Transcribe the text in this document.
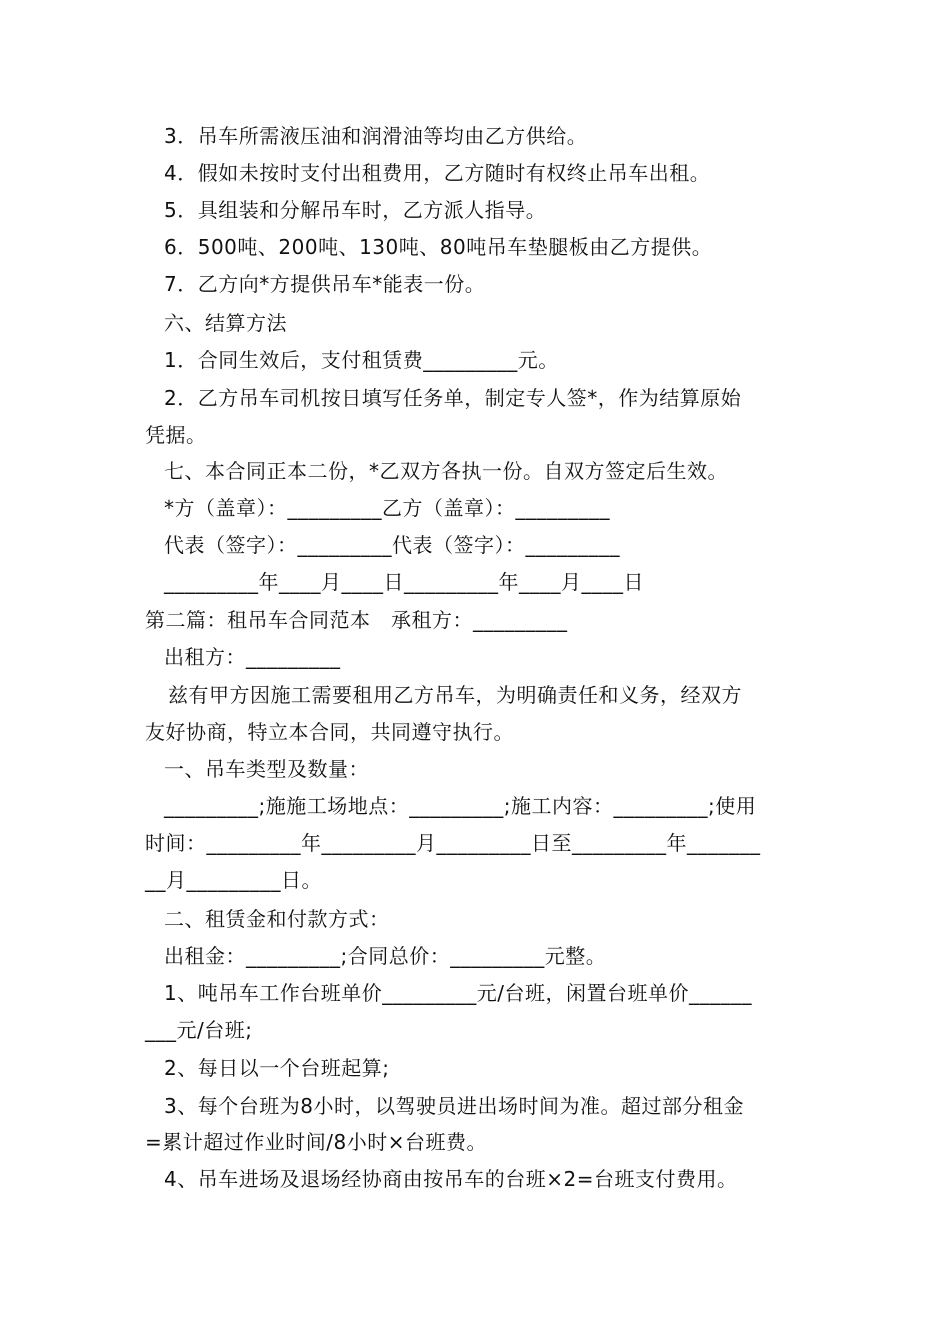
3．吊车所需液压油和润滑油等均由乙方供给。
4．假如未按时支付出租费用，乙方随时有权终止吊车出租。
5．具组装和分解吊车时，乙方派人指导。
6．500吨、200吨、130吨、80吨吊车垫腿板由乙方提供。
7．乙方向*方提供吊车*能表一份。
六、结算方法
1．合同生效后，支付租赁费_________元。
2．乙方吊车司机按日填写任务单，制定专人签*，作为结算原始
凭据。
七、本合同正本二份，*乙双方各执一份。自双方签定后生效。
*方（盖章）：_________乙方（盖章）：_________
代表（签字）：_________代表（签字）：_________
_________年____月____日_________年____月____日
第二篇：租吊车合同范本　承租方：_________
出租方：_________
兹有甲方因施工需要租用乙方吊车，为明确责任和义务，经双方
友好协商，特立本合同，共同遵守执行。
一、吊车类型及数量：
_________;施施工场地点：_________;施工内容：_________;使用
时间：_________年_________月_________日至_________年_______
__月_________日。
二、租赁金和付款方式：
出租金：_________;合同总价：_________元整。
1、吨吊车工作台班单价_________元/台班，闲置台班单价______
___元/台班;
2、每日以一个台班起算;
3、每个台班为8小时，以驾驶员进出场时间为准。超过部分租金
=累计超过作业时间/8小时×台班费。
4、吊车进场及退场经协商由按吊车的台班×2=台班支付费用。
